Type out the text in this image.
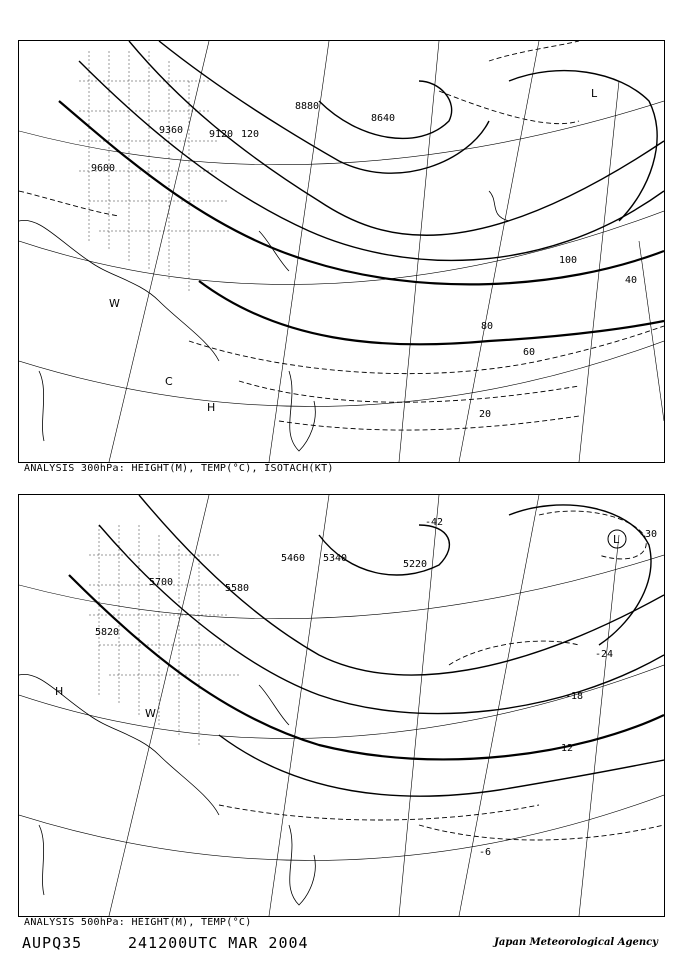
9600
9360	9120
8880
8640
120
100
80
60
40
20
L
H
W
C
ANALYSIS 300hPa: HEIGHT(M), TEMP(°C), ISOTACH(KT)
5820
5700
5580
5460 5340
5220
-6
-12
-18
-24
-30
-42
L
H
W
ANALYSIS 500hPa: HEIGHT(M), TEMP(°C)
AUPQ35	241200UTC MAR 2004	Japan Meteorological Agency
